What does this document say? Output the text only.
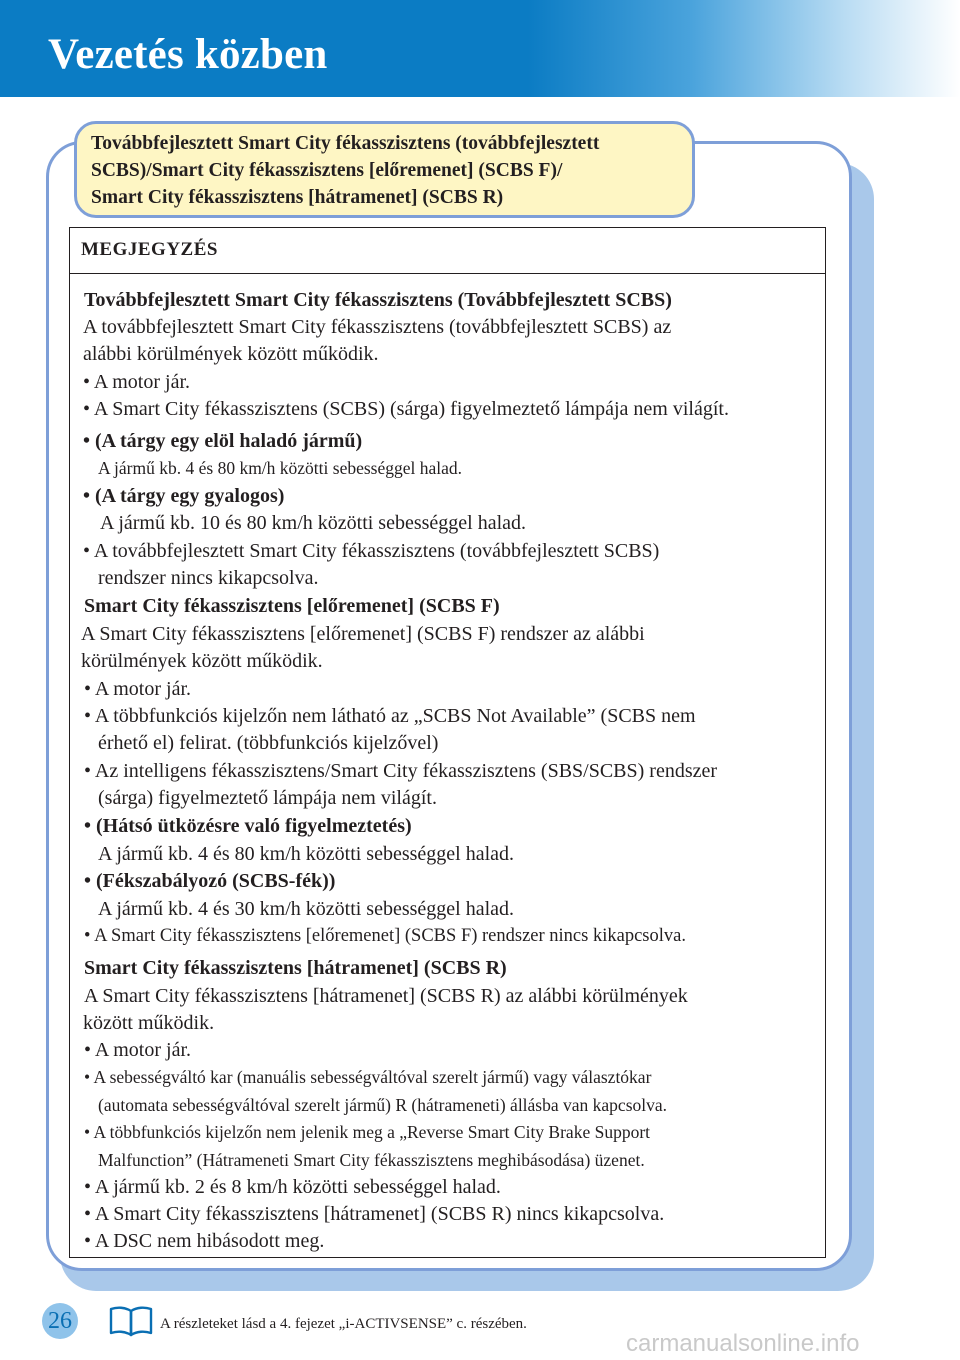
Vezetés közben
Továbbfejlesztett Smart City fékasszisztens (továbbfejlesztett
SCBS)/Smart City fékasszisztens [előremenet] (SCBS F)/
Smart City fékasszisztens [hátramenet] (SCBS R)
MEGJEGYZÉS
Továbbfejlesztett Smart City fékasszisztens (Továbbfejlesztett SCBS)
A továbbfejlesztett Smart City fékasszisztens (továbbfejlesztett SCBS) az
alábbi körülmények között működik.
• A motor jár.
• A Smart City fékasszisztens (SCBS) (sárga) figyelmeztető lámpája nem világít.
• (A tárgy egy elöl haladó jármű)
A jármű kb. 4 és 80 km/h közötti sebességgel halad.
• (A tárgy egy gyalogos)
A jármű kb. 10 és 80 km/h közötti sebességgel halad.
• A továbbfejlesztett Smart City fékasszisztens (továbbfejlesztett SCBS)
rendszer nincs kikapcsolva.
Smart City fékasszisztens [előremenet] (SCBS F)
A Smart City fékasszisztens [előremenet] (SCBS F) rendszer az alábbi
körülmények között működik.
• A motor jár.
• A többfunkciós kijelzőn nem látható az „SCBS Not Available” (SCBS nem
érhető el) felirat. (többfunkciós kijelzővel)
• Az intelligens fékasszisztens/Smart City fékasszisztens (SBS/SCBS) rendszer
(sárga) figyelmeztető lámpája nem világít.
• (Hátsó ütközésre való figyelmeztetés)
A jármű kb. 4 és 80 km/h közötti sebességgel halad.
• (Fékszabályozó (SCBS-fék))
A jármű kb. 4 és 30 km/h közötti sebességgel halad.
• A Smart City fékasszisztens [előremenet] (SCBS F) rendszer nincs kikapcsolva.
Smart City fékasszisztens [hátramenet] (SCBS R)
A Smart City fékasszisztens [hátramenet] (SCBS R) az alábbi körülmények
között működik.
• A motor jár.
• A sebességváltó kar (manuális sebességváltóval szerelt jármű) vagy választókar
(automata sebességváltóval szerelt jármű) R (hátrameneti) állásba van kapcsolva.
• A többfunkciós kijelzőn nem jelenik meg a „Reverse Smart City Brake Support
Malfunction” (Hátrameneti Smart City fékasszisztens meghibásodása) üzenet.
• A jármű kb. 2 és 8 km/h közötti sebességgel halad.
• A Smart City fékasszisztens [hátramenet] (SCBS R) nincs kikapcsolva.
• A DSC nem hibásodott meg.
26	A részleteket lásd a 4. fejezet „i-ACTIVSENSE” c. részében.
carmanualsonline.info
